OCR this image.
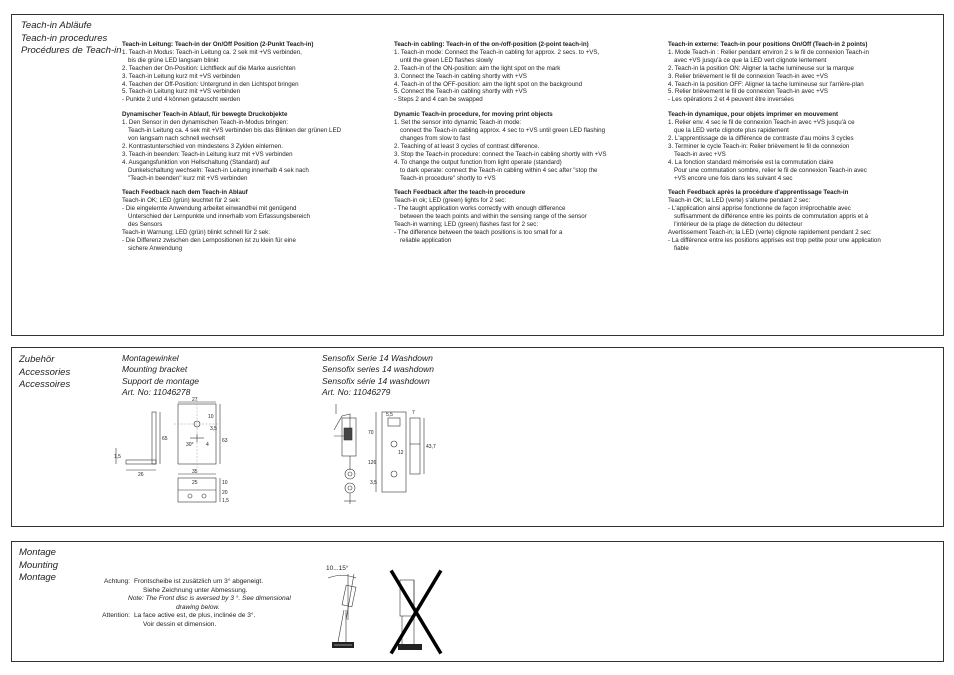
Teach-in Abläufe
Teach-in procedures
Procédures de Teach-in
Teach-in Leitung: Teach-in der On/Off Position (2-Punkt Teach-in)
1. Teach-in Modus: Teach-in Leitung ca. 2 sek mit +VS verbinden,
bis die grüne LED langsam blinkt
2. Teachen der On-Position: Lichtfleck auf die Marke ausrichten
3. Teach-in Leitung kurz mit +VS verbinden
4. Teachen der Off-Position: Untergrund in den Lichtspot bringen
5. Teach-in Leitung kurz mit +VS verbinden
- Punkte 2 und 4 können getauscht werden
Dynamischer Teach-in Ablauf, für bewegte Druckobjekte
1. Den Sensor in den dynamischen Teach-in-Modus bringen:
Teach-in Leitung ca. 4 sek mit +VS verbinden bis das Blinken der grünen LED
von langsam nach schnell wechselt
2. Kontrastunterschied von mindestens 3 Zyklen einlernen.
3. Teach-in beenden: Teach-in Leitung kurz mit +VS verbinden
4. Ausgangsfunktion von Hellschaltung (Standard) auf
Dunkelschaltung wechseln: Teach-in Leitung innerhalb 4 sek nach
"Teach-in beenden" kurz mit +VS verbinden
Teach Feedback nach dem Teach-in Ablauf
Teach-in OK; LED (grün) leuchtet für 2 sek:
- Die eingelernte Anwendung arbeitet einwandfrei mit genügend
Unterschied der Lernpunkte und innerhalb vom Erfassungsbereich
des Sensors
Teach-in Warnung; LED (grün) blinkt schnell für 2 sek:
- Die Differenz zwischen den Lernpositionen ist zu klein für eine
sichere Anwendung
Teach-in cabling: Teach-in of the on-/off-position (2-point teach-in)
1. Teach-in mode: Connect the Teach-in cabling for approx. 2 secs. to +VS,
until the green LED flashes slowly
2. Teach-in of the ON-position: aim the light spot on the mark
3. Connect the Teach-in cabling shortly with +VS
4. Teach-in of the OFF-position: aim the light spot on the background
5. Connect the Teach-in cabling shortly with +VS
- Steps 2 and 4 can be swapped
Dynamic Teach-in procedure, for moving print objects
1. Set the sensor into dynamic Teach-in mode:
connect the Teach-in cabling approx. 4 sec to +VS until green LED flashing
changes from slow to fast
2. Teaching of at least 3 cycles of contrast difference.
3. Stop the Teach-in procedure: connect the Teach-in cabling shortly with +VS
4. To change the output function from light operate (standard)
to dark operate: connect the Teach-in cabling within 4 sec after "stop the
Teach-in procedure" shortly to +VS
Teach Feedback after the teach-in procedure
Teach-in ok; LED (green) lights for 2 sec:
- The taught application works correctly with enough difference
between the teach points and within the sensing range of the sensor
Teach-in warning; LED (green) flashes fast for 2 sec:
- The difference between the teach positions is too small for a
reliable application
Teach-in externe: Teach-in pour positions On/Off (Teach-in 2 points)
1. Mode Teach-in : Relier pendant environ 2 s le fil de connexion Teach-in
avec +VS jusqu'à ce que la LED vert clignote lentement
2. Teach-in la position ON: Aligner la tache lumineuse sur la marque
3. Relier brièvement le fil de connexion Teach-in avec +VS
4. Teach-in la position OFF: Aligner la tache lumineuse sur l'arrière-plan
5. Relier brièvement le fil de connexion Teach-in avec +VS
- Les opérations 2 et 4 peuvent être inversées
Teach-in dynamique, pour objets imprimer en mouvement
1. Relier env. 4 sec le fil de connexion Teach-in avec +VS jusqu'à ce
que la LED verte clignote plus rapidement
2. L'apprentissage de la différence de contraste d'au moins 3 cycles
3. Terminer le cycle Teach-in: Relier brièvement le fil de connexion
Teach-in avec +VS
4. La fonction standard mémorisée est la commutation claire
Pour une commutation sombre, relier le fil de connexion Teach-in avec
+VS encore une fois dans les suivant 4 sec
Teach Feedback après la procédure d'apprentissage Teach-in
Teach-in OK; la LED (verte) s'allume pendant 2 sec:
- L'application ainsi apprise fonctionne de façon irréprochable avec
suffisamment de différence entre les points de commutation appris et à
l'intérieur de la plage de détection du détecteur
Avertissement Teach-in; la LED (verte) clignote rapidement pendant 2 sec:
- La différence entre les positions apprises est trop petite pour une application
fiable
Zubehör
Accessories
Accessoires
Montagewinkel
Mounting bracket
Support de montage
Art. No: 11046278
Sensofix Serie 14 Washdown
Sensofix series 14 washdown
Sensofix série 14 washdown
Art. No: 11046279
27
10
63
65
3,5
30° 4
1,5
26
25
35
20
10
1,5
70
126
3,5
5,5
12
7
43,7
Montage
Mounting
Montage	Achtung: Frontscheibe ist zusätzlich um 3° abgeneigt.
Siehe Zeichnung unter Abmessung.
Note: The Front disc is aversed by 3 °. See dimensional
drawing below.
Attention: La face active est, de plus, inclinée de 3°.
Voir dessin et dimension.
10...15°
